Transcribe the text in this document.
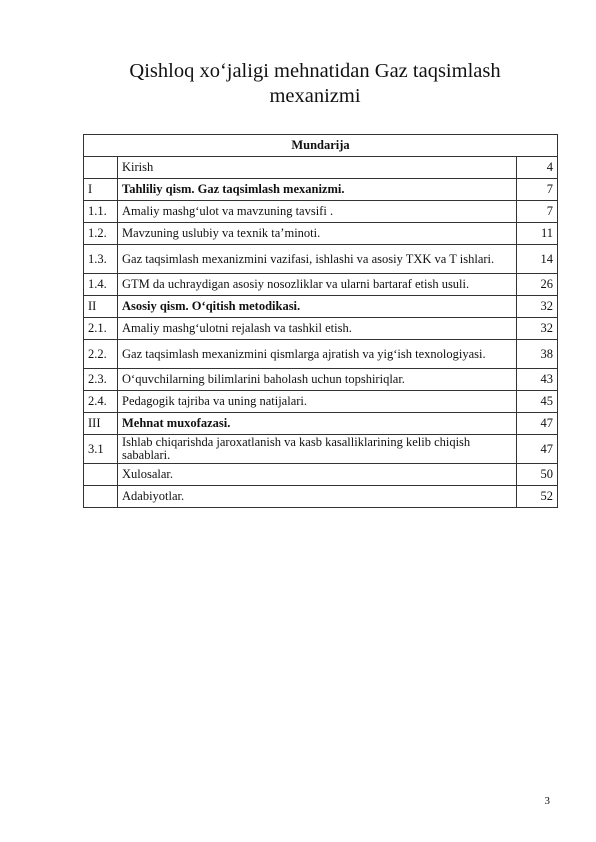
Qishloq xo‘jaligi mehnatidan Gaz taqsimlash mexanizmi
Mundarija		
	Kirish	4
I	Tahliliy qism. Gaz taqsimlash mexanizmi.	7
1.1.	Amaliy mashg‘ulot va mavzuning tavsifi .	7
1.2.	Mavzuning uslubiy va texnik ta’minoti.	11
1.3.	Gaz taqsimlash mexanizmini vazifasi, ishlashi va asosiy TXK va T ishlari.	14
1.4.	GTM da uchraydigan asosiy nosozliklar va ularni bartaraf etish usuli.	26
II	Asosiy qism. O‘qitish metodikasi.	32
2.1.	Amaliy mashg‘ulotni rejalash va tashkil etish.	32
2.2.	Gaz taqsimlash mexanizmini qismlarga ajratish va yig‘ish texnologiyasi.	38
2.3.	O‘quvchilarning bilimlarini baholash uchun topshiriqlar.	43
2.4.	Pedagogik tajriba va uning natijalari.	45
III	Mehnat muxofazasi.	47
3.1	Ishlab chiqarishda jaroxatlanish va kasb kasalliklarining kelib chiqish sabablari.	47
	Xulosalar.	50
	Adabiyotlar.	52
3
